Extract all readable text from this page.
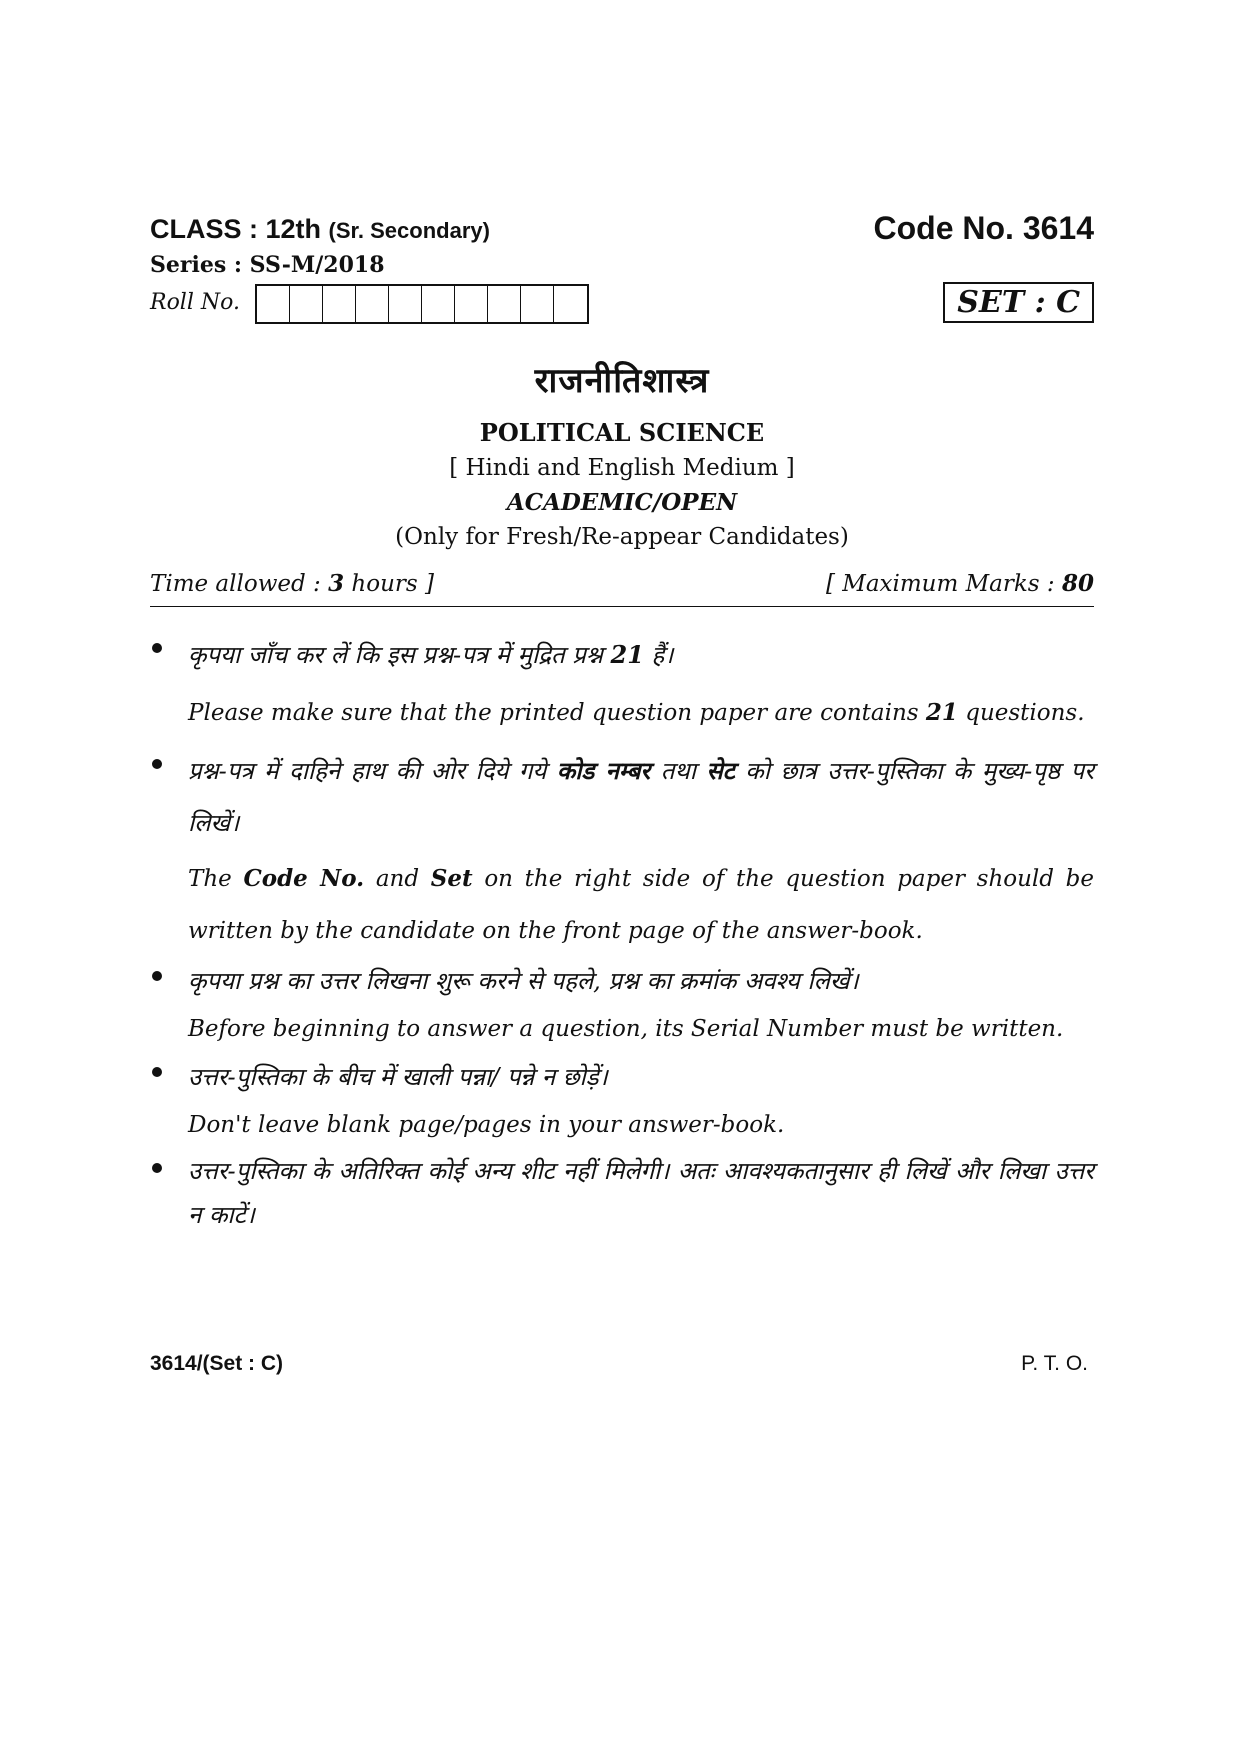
CLASS : 12th (Sr. Secondary)	Code No. 3614
Series : SS-M/2018
Roll No.	SET : C
राजनीतिशास्त्र
POLITICAL SCIENCE
[ Hindi and English Medium ]
ACADEMIC/OPEN
(Only for Fresh/Re-appear Candidates)
Time allowed : 3 hours ]	[ Maximum Marks : 80
कृपया जाँच कर लें कि इस प्रश्न-पत्र में मुद्रित प्रश्न 21 हैं।
Please make sure that the printed question paper are contains 21 questions.
प्रश्न-पत्र में दाहिने हाथ की ओर दिये गये कोड नम्बर तथा सेट को छात्र उत्तर-पुस्तिका के मुख्य-पृष्ठ पर लिखें।
The Code No. and Set on the right side of the question paper should be written by the candidate on the front page of the answer-book.
कृपया प्रश्न का उत्तर लिखना शुरू करने से पहले, प्रश्न का क्रमांक अवश्य लिखें।
Before beginning to answer a question, its Serial Number must be written.
उत्तर-पुस्तिका के बीच में खाली पन्ना/ पन्ने न छोड़ें।
Don't leave blank page/pages in your answer-book.
उत्तर-पुस्तिका के अतिरिक्त कोई अन्य शीट नहीं मिलेगी। अतः आवश्यकतानुसार ही लिखें और लिखा उत्तर न काटें।
3614/(Set : C)	P. T. O.
